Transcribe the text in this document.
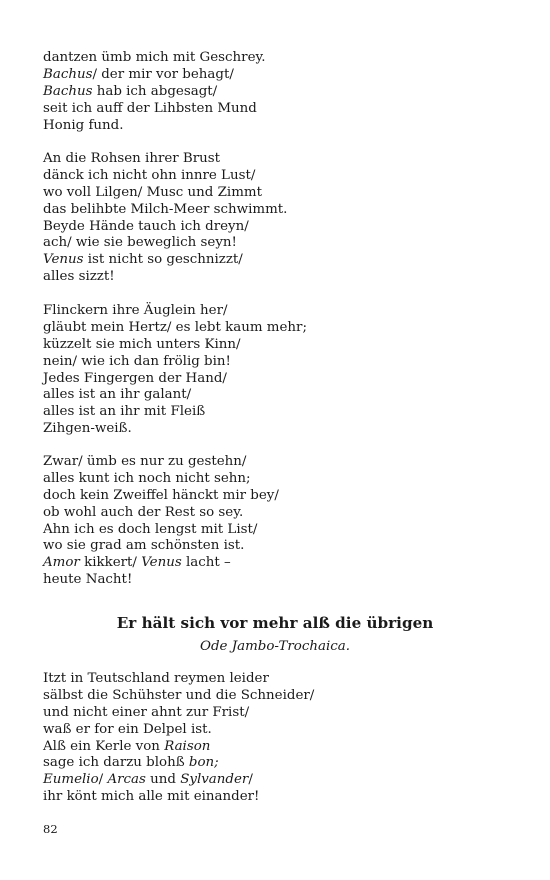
dantzen ümb mich mit Geschrey.
Bachus/ der mir vor behagt/
Bachus hab ich abgesagt/
seit ich auff der Lihbsten Mund
Honig fund.
An die Rohsen ihrer Brust
dänck ich nicht ohn innre Lust/
wo voll Lilgen/ Musc und Zimmt
das belihbte Milch-Meer schwimmt.
Beyde Hände tauch ich dreyn/
ach/ wie sie beweglich seyn!
Venus ist nicht so geschnizzt/
alles sizzt!
Flinckern ihre Äuglein her/
gläubt mein Hertz/ es lebt kaum mehr;
küzzelt sie mich unters Kinn/
nein/ wie ich dan frölig bin!
Jedes Fingergen der Hand/
alles ist an ihr galant/
alles ist an ihr mit Fleiß
Zihgen-weiß.
Zwar/ ümb es nur zu gestehn/
alles kunt ich noch nicht sehn;
doch kein Zweiffel hänckt mir bey/
ob wohl auch der Rest so sey.
Ahn ich es doch lengst mit List/
wo sie grad am schönsten ist.
Amor kikkert/ Venus lacht –
heute Nacht!
Er hält sich vor mehr alß die übrigen
Ode Jambo-Trochaica.
Itzt in Teutschland reymen leider
sälbst die Schühster und die Schneider/
und nicht einer ahnt zur Frist/
waß er for ein Delpel ist.
Alß ein Kerle von Raison
sage ich darzu blohß bon;
Eumelio/ Arcas und Sylvander/
ihr könt mich alle mit einander!
82
